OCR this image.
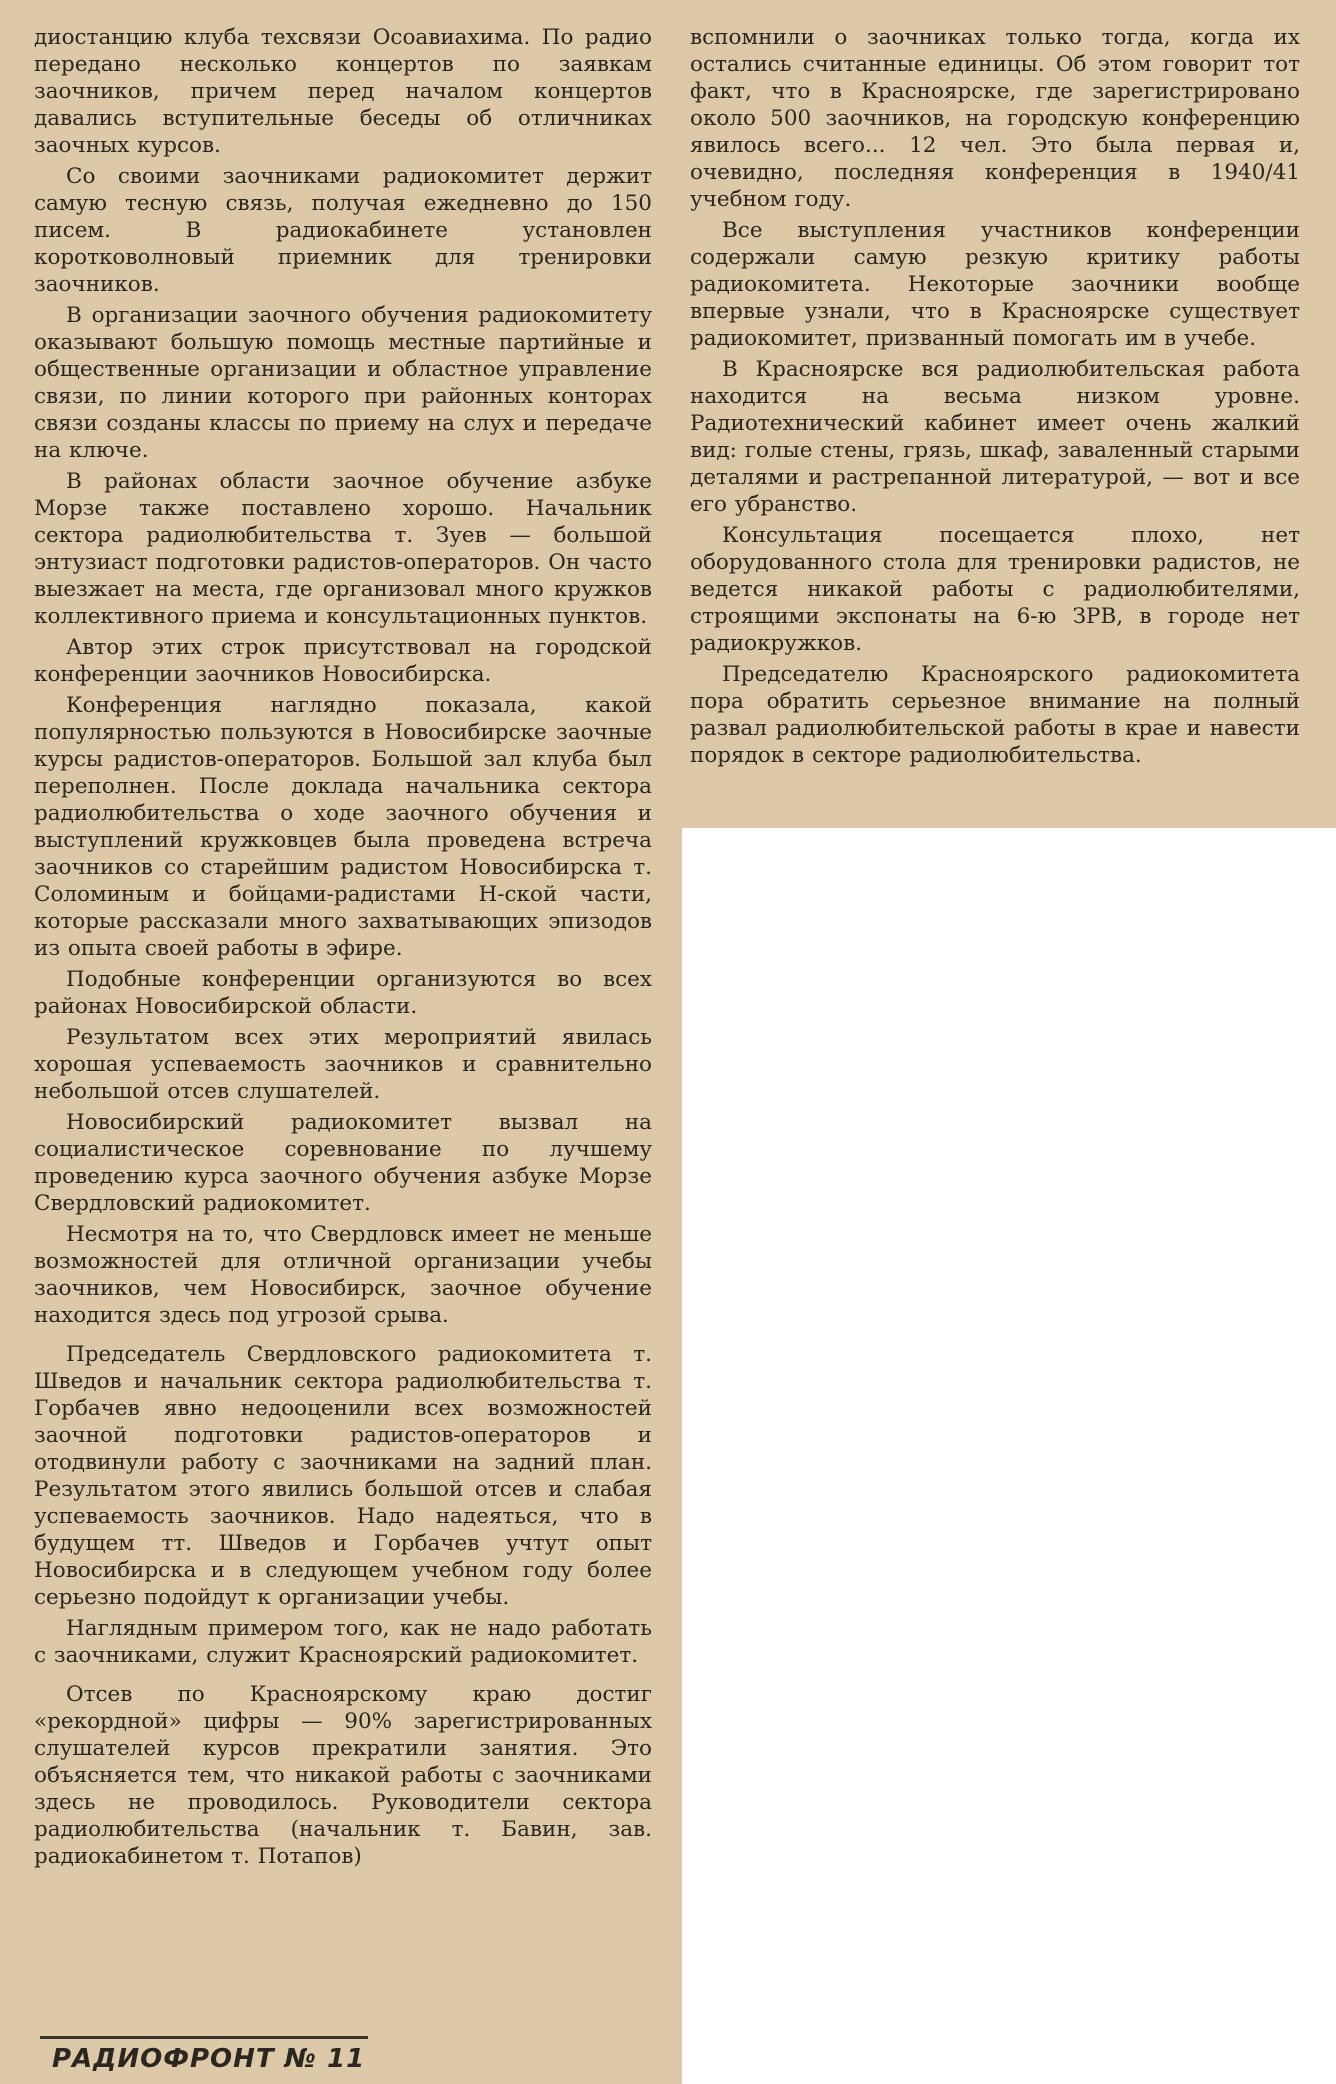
диостанцию клуба техсвязи Осоавиахима. По радио передано несколько концертов по заявкам заочников, причем перед началом концертов давались вступительные беседы об отличниках заочных курсов.

Со своими заочниками радиокомитет держит самую тесную связь, получая ежедневно до 150 писем. В радиокабинете установлен коротковолновый приемник для тренировки заочников.

В организации заочного обучения радиокомитету оказывают большую помощь местные партийные и общественные организации и областное управление связи, по линии которого при районных конторах связи созданы классы по приему на слух и передаче на ключе.

В районах области заочное обучение азбуке Морзе также поставлено хорошо. Начальник сектора радиолюбительства т. Зуев — большой энтузиаст подготовки радистов-операторов. Он часто выезжает на места, где организовал много кружков коллективного приема и консультационных пунктов.

Автор этих строк присутствовал на городской конференции заочников Новосибирска.

Конференция наглядно показала, какой популярностью пользуются в Новосибирске заочные курсы радистов-операторов. Большой зал клуба был переполнен. После доклада начальника сектора радиолюбительства о ходе заочного обучения и выступлений кружковцев была проведена встреча заочников со старейшим радистом Новосибирска т. Соломиным и бойцами-радистами Н-ской части, которые рассказали много захватывающих эпизодов из опыта своей работы в эфире.

Подобные конференции организуются во всех районах Новосибирской области.

Результатом всех этих мероприятий явилась хорошая успеваемость заочников и сравнительно небольшой отсев слушателей.

Новосибирский радиокомитет вызвал на социалистическое соревнование по лучшему проведению курса заочного обучения азбуке Морзе Свердловский радиокомитет.

Несмотря на то, что Свердловск имеет не меньше возможностей для отличной организации учебы заочников, чем Новосибирск, заочное обучение находится здесь под угрозой срыва.

Председатель Свердловского радиокомитета т. Шведов и начальник сектора радиолюбительства т. Горбачев явно недооценили всех возможностей заочной подготовки радистов-операторов и отодвинули работу с заочниками на задний план. Результатом этого явились большой отсев и слабая успеваемость заочников. Надо надеяться, что в будущем тт. Шведов и Горбачев учтут опыт Новосибирска и в следующем учебном году более серьезно подойдут к организации учебы.

Наглядным примером того, как не надо работать с заочниками, служит Красноярский радиокомитет.

Отсев по Красноярскому краю достиг «рекордной» цифры — 90% зарегистрированных слушателей курсов прекратили занятия. Это объясняется тем, что никакой работы с заочниками здесь не проводилось. Руководители сектора радиолюбительства (начальник т. Бавин, зав. радиокабинетом т. Потапов)

вспомнили о заочниках только тогда, когда их остались считанные единицы. Об этом говорит тот факт, что в Красноярске, где зарегистрировано около 500 заочников, на городскую конференцию явилось всего... 12 чел. Это была первая и, очевидно, последняя конференция в 1940/41 учебном году.

Все выступления участников конференции содержали самую резкую критику работы радиокомитета. Некоторые заочники вообще впервые узнали, что в Красноярске существует радиокомитет, призванный помогать им в учебе.

В Красноярске вся радиолюбительская работа находится на весьма низком уровне. Радиотехнический кабинет имеет очень жалкий вид: голые стены, грязь, шкаф, заваленный старыми деталями и растрепанной литературой, — вот и все его убранство.

Консультация посещается плохо, нет оборудованного стола для тренировки радистов, не ведется никакой работы с радиолюбителями, строящими экспонаты на 6-ю ЗРВ, в городе нет радиокружков.

Председателю Красноярского радиокомитета пора обратить серьезное внимание на полный развал радиолюбительской работы в крае и навести порядок в секторе радиолюбительства.

РАДИОФРОНТ № 11
